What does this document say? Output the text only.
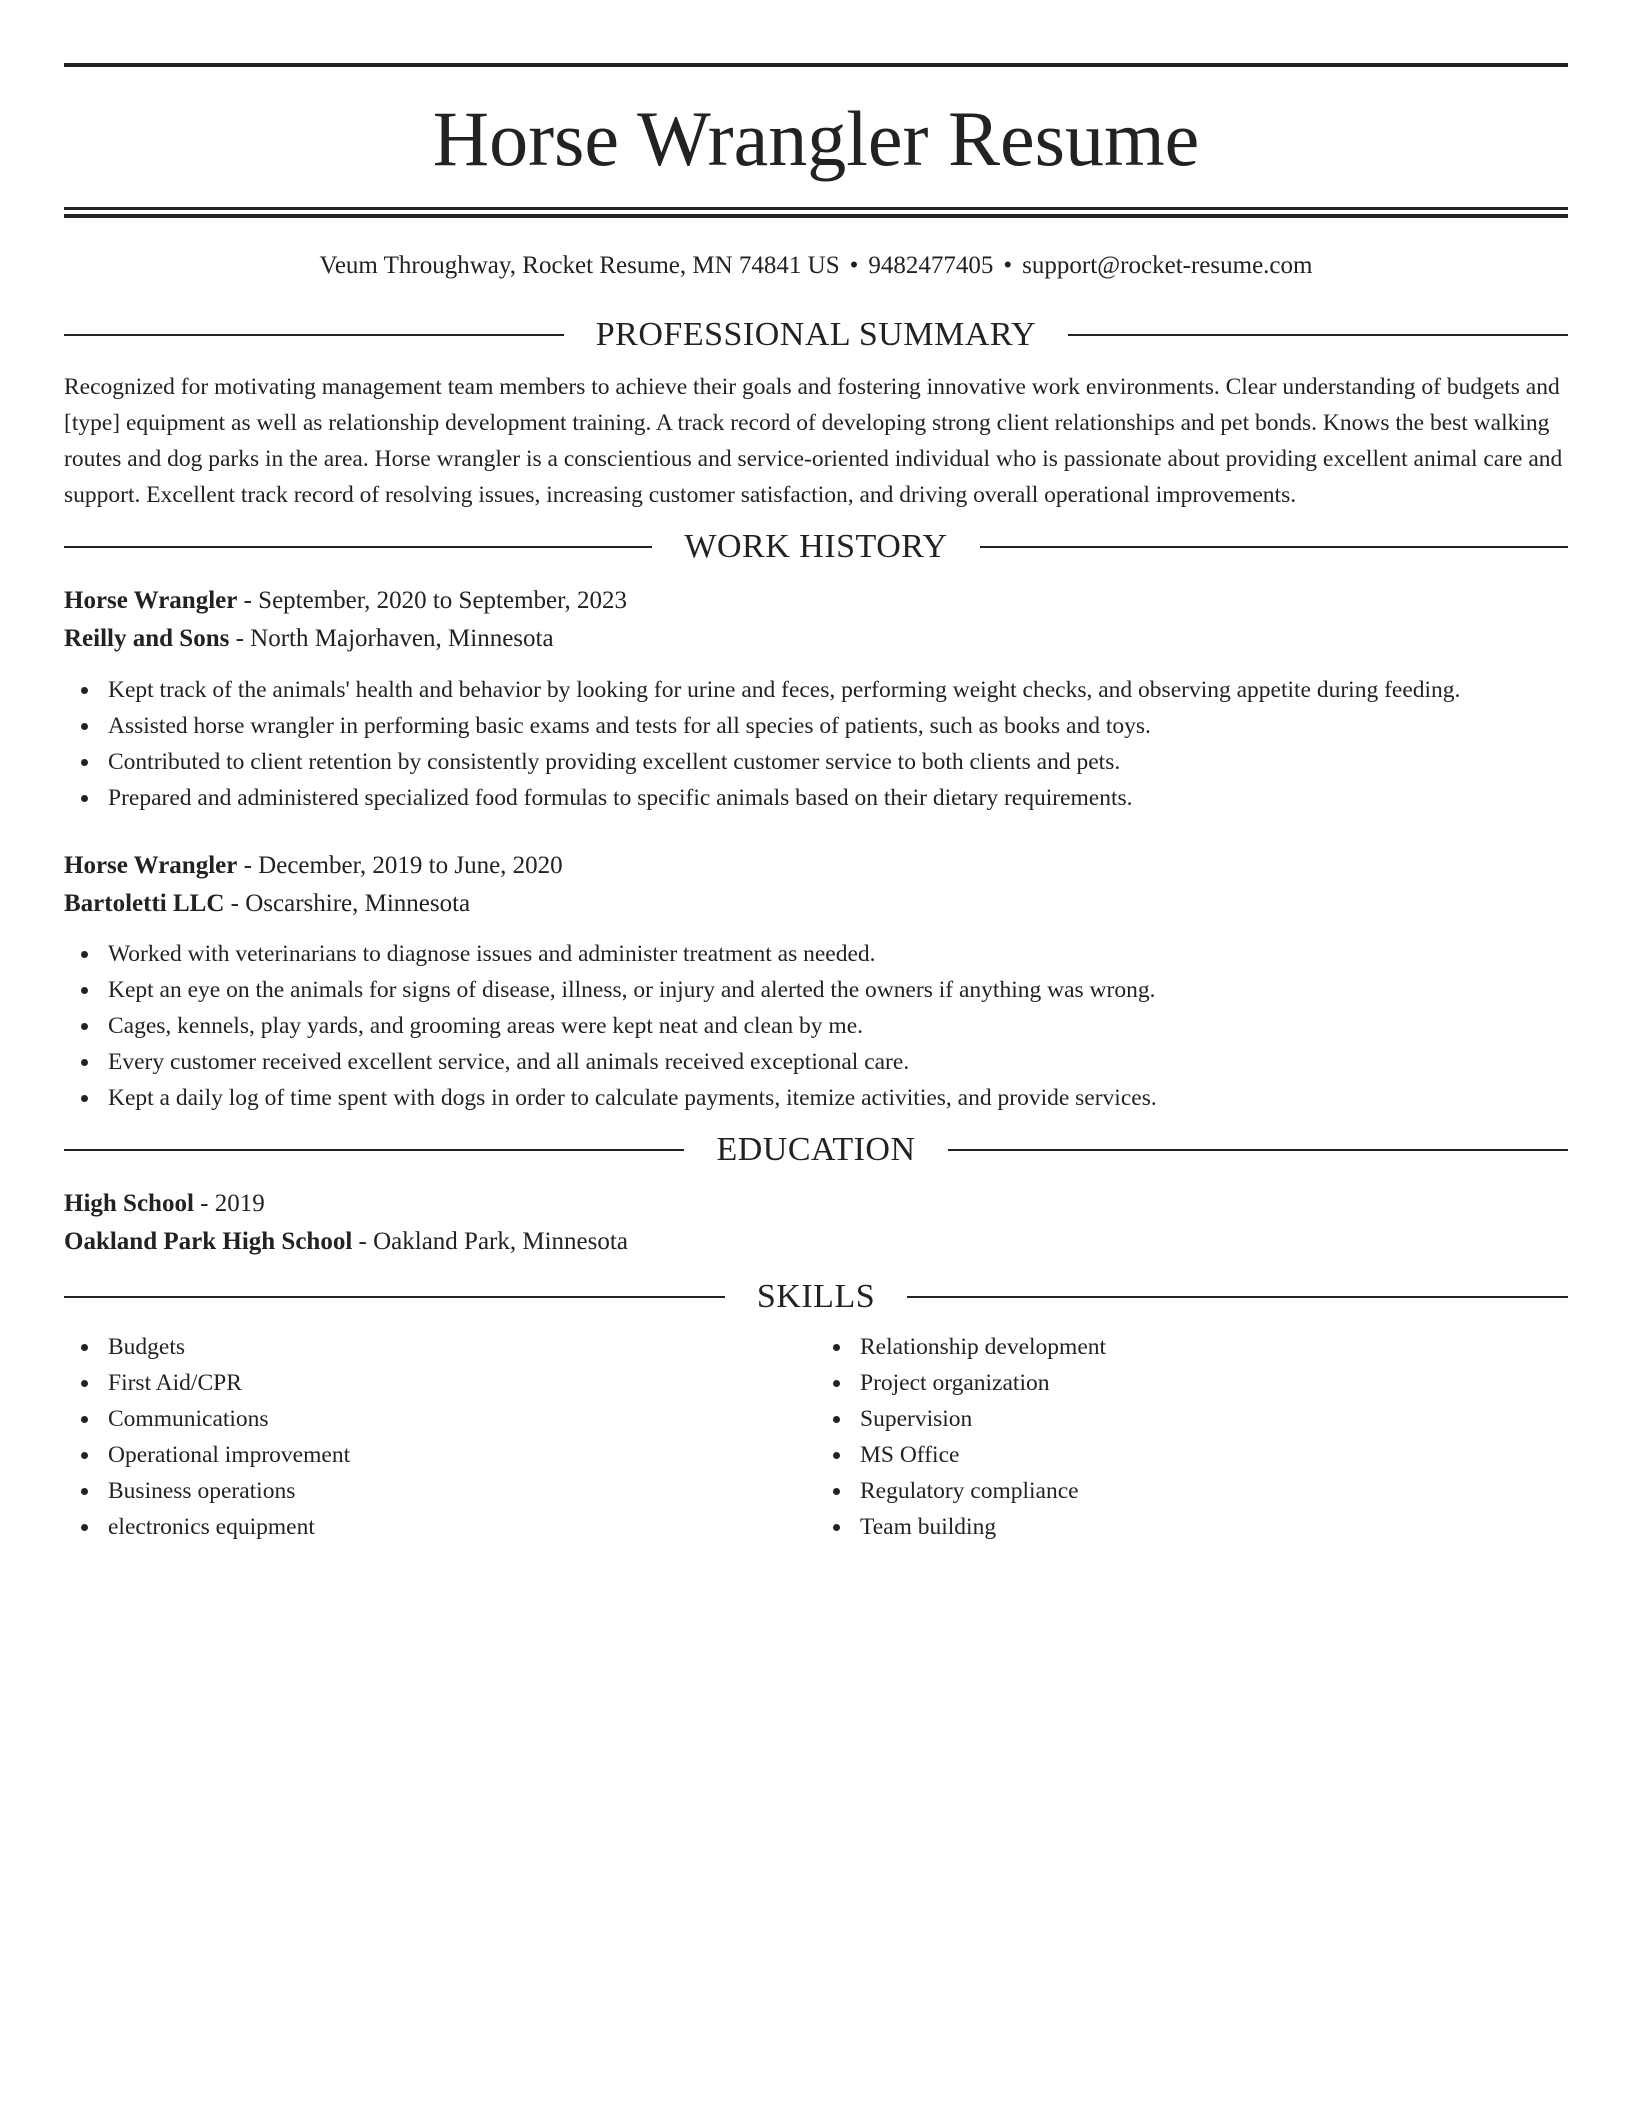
Horse Wrangler Resume
Veum Throughway, Rocket Resume, MN 74841 US • 9482477405 • support@rocket-resume.com
PROFESSIONAL SUMMARY

Recognized for motivating management team members to achieve their goals and fostering innovative work environments. Clear understanding of budgets and [type] equipment as well as relationship development training. A track record of developing strong client relationships and pet bonds. Knows the best walking routes and dog parks in the area. Horse wrangler is a conscientious and service-oriented individual who is passionate about providing excellent animal care and support. Excellent track record of resolving issues, increasing customer satisfaction, and driving overall operational improvements.

WORK HISTORY
Horse Wrangler - September, 2020 to September, 2023
Reilly and Sons - North Majorhaven, Minnesota
Kept track of the animals' health and behavior by looking for urine and feces, performing weight checks, and observing appetite during feeding.
Assisted horse wrangler in performing basic exams and tests for all species of patients, such as books and toys.
Contributed to client retention by consistently providing excellent customer service to both clients and pets.
Prepared and administered specialized food formulas to specific animals based on their dietary requirements.
Horse Wrangler - December, 2019 to June, 2020
Bartoletti LLC - Oscarshire, Minnesota
Worked with veterinarians to diagnose issues and administer treatment as needed.
Kept an eye on the animals for signs of disease, illness, or injury and alerted the owners if anything was wrong.
Cages, kennels, play yards, and grooming areas were kept neat and clean by me.
Every customer received excellent service, and all animals received exceptional care.
Kept a daily log of time spent with dogs in order to calculate payments, itemize activities, and provide services.
EDUCATION
High School - 2019
Oakland Park High School - Oakland Park, Minnesota
SKILLS
Budgets
First Aid/CPR
Communications
Operational improvement
Business operations
electronics equipment
Relationship development
Project organization
Supervision
MS Office
Regulatory compliance
Team building
